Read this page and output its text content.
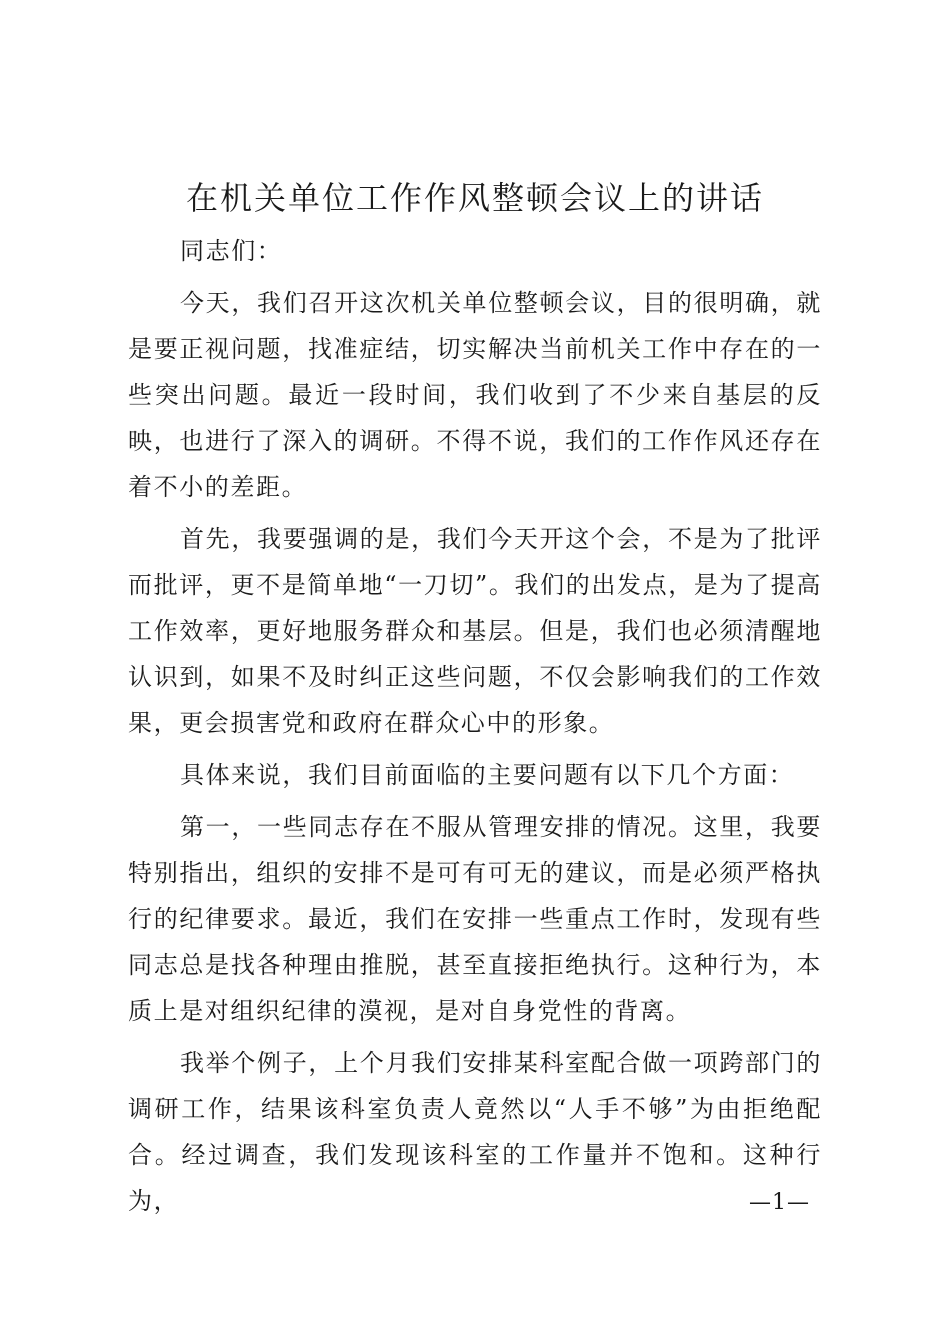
在机关单位工作作风整顿会议上的讲话

同志们：

今天，我们召开这次机关单位整顿会议，目的很明确，就是要正视问题，找准症结，切实解决当前机关工作中存在的一些突出问题。最近一段时间，我们收到了不少来自基层的反映，也进行了深入的调研。不得不说，我们的工作作风还存在着不小的差距。

首先，我要强调的是，我们今天开这个会，不是为了批评而批评，更不是简单地“一刀切”。我们的出发点，是为了提高工作效率，更好地服务群众和基层。但是，我们也必须清醒地认识到，如果不及时纠正这些问题，不仅会影响我们的工作效果，更会损害党和政府在群众心中的形象。

具体来说，我们目前面临的主要问题有以下几个方面：

第一，一些同志存在不服从管理安排的情况。这里，我要特别指出，组织的安排不是可有可无的建议，而是必须严格执行的纪律要求。最近，我们在安排一些重点工作时，发现有些同志总是找各种理由推脱，甚至直接拒绝执行。这种行为，本质上是对组织纪律的漠视，是对自身党性的背离。

我举个例子，上个月我们安排某科室配合做一项跨部门的调研工作，结果该科室负责人竟然以“人手不够”为由拒绝配合。经过调查，我们发现该科室的工作量并不饱和。这种行为，	—1—
